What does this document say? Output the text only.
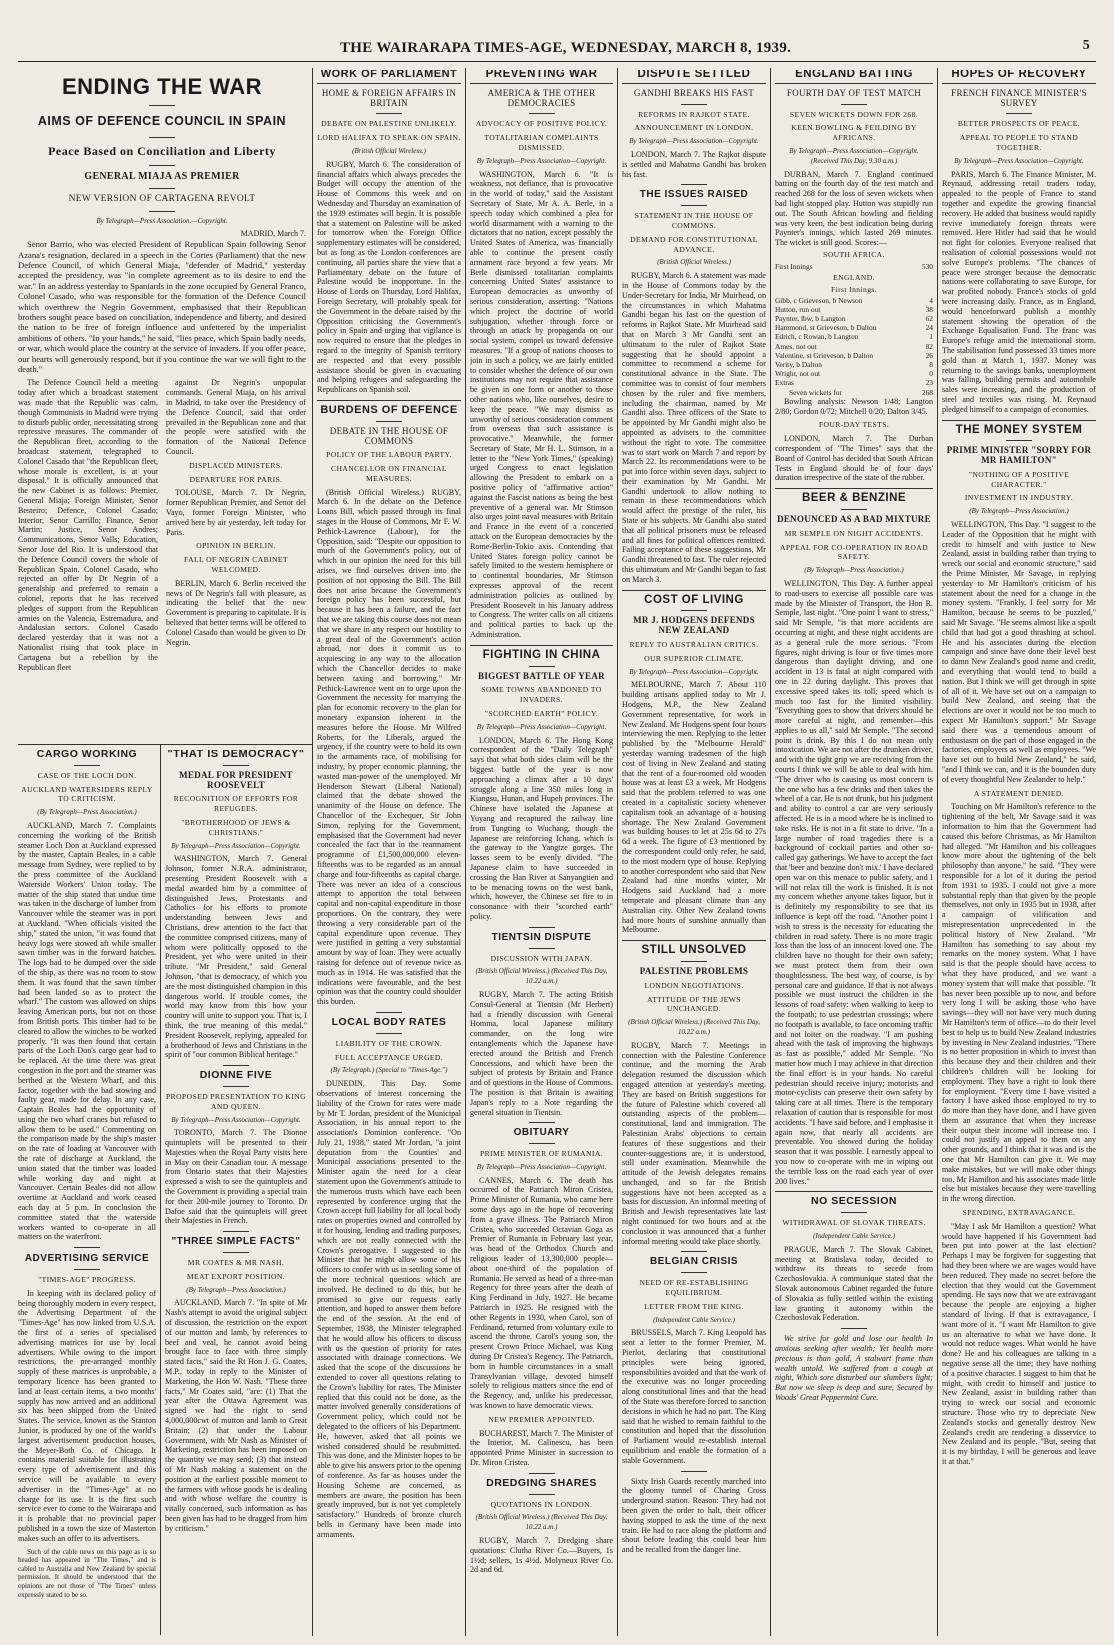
THE WAIRARAPA TIMES-AGE, WEDNESDAY, MARCH 8, 1939.	5
ENDING THE WAR
AIMS OF DEFENCE COUNCIL IN SPAIN
Peace Based on Conciliation and Liberty
GENERAL MIAJA AS PREMIER
NEW VERSION OF CARTAGENA REVOLT
By Telegraph—Press Association.—Copyright.
MADRID, March 7.

Senor Barrio, who was elected President of Republican Spain following Senor Azana's resignation, declared in a speech in the Cortes (Parliament) that the new Defence Council, of which General Miaja, "defender of Madrid," yesterday accepted the presidency, was "in complete agreement as to its desire to end the war." In an address yesterday to Spaniards in the zone occupied by General Franco, Colonel Casado, who was responsible for the formation of the Defence Council which overthrew the Negrin Government, emphasised that their Republican brothers sought peace based on conciliation, independence and liberty, and desired the nation to be free of foreign influence and unfettered by the imperialist ambitions of others. "In your hands," he said, "lies peace, which Spain badly needs, or war, which would place the country at the service of invaders. If you offer peace, our hearts will generously respond, but if you continue the war we will fight to the death."

The Defence Council held a meeting today after which a broadcast statement was made that the Republic was calm, though Communists in Madrid were trying to disturb public order, necessitating strong repressive measures. The commander of the Republican fleet, according to the broadcast statement, telegraphed to Colonel Casado that "the Republican fleet, whose morale is excellent, is at your disposal." It is officially announced that the new Cabinet is as follows: Premier, General Miaja; Foreign Minister, Senor Besteiro; Defence, Colonel Casado; Interior, Senor Carrillo; Finance, Senor Martin; Justice, Senor Andres; Communications, Senor Valls; Education, Senor Jose del Rio. It is understood that the Defence Council covers the whole of Republican Spain. Colonel Casado, who rejected an offer by Dr Negrin of a generalship and preferred to remain a colonel, reports that he has received pledges of support from the Republican armies on the Valencia, Estremadura, and Andalusian sectors. Colonel Casado declared yesterday that it was not a Nationalist rising that took place in Cartagena but a rebellion by the Republican fleet

against Dr Negrin's unpopular commands. General Miaja, on his arrival in Madrid, to take over the Presidency of the Defence Council, said that order prevailed in the Republican zone and that the people were satisfied with the formation of the National Defence Council.

DISPLACED MINISTERS.
DEPARTURE FOR PARIS.

TOLOUSE, March 7. Dr Negrin, former Republican Premier, and Senor del Vayo, former Foreign Minister, who arrived here by air yesterday, left today for Paris.

OPINION IN BERLIN.
FALL OF NEGRIN CABINET WELCOMED.

BERLIN, March 6. Berlin received the news of Dr Negrin's fall with pleasure, as indicating the belief that the new Government is preparing to capitulate. It is believed that better terms will be offered to Colonel Casado than would be given to Dr Negrin.

CARGO WORKING
CASE OF THE LOCH DON.
AUCKLAND WATERSIDERS REPLY TO CRITICISM.
(By Telegraph—Press Association.)

AUCKLAND, March 7. Complaints concerning the working of the British steamer Loch Don at Auckland expressed by the master, Captain Beales, in a cable message from Sydney, were replied to by the press committee of the Auckland Waterside Workers' Union today. The matter of the ship stated that undue time was taken in the discharge of lumber from Vancouver while the steamer was in port at Auckland. "When officials visited the ship," stated the union, "it was found that heavy logs were stowed aft while smaller sawn timber was in the forward hatches. The logs had to be dumped over the side of the ship, as there was no room to stow them. It was found that the sawn timber had been landed so as to protect the wharf." The custom was allowed on ships leaving American ports, but not on those from British ports. This timber had to be cleared to allow the winches to be worked properly. "It was then found that certain parts of the Loch Don's cargo gear had to be replaced. At the time there was great congestion in the port and the steamer was berthed at the Western Wharf, and this factor, together with the bad stowing and faulty gear, made for delay. In any case, Captain Beales had the opportunity of using the two wharf cranes but refused to allow them to be used." Commenting on the comparison made by the ship's master on the rate of loading at Vancouver with the rate of discharge at Auckland, the union stated that the timber was loaded while working day and night at Vancouver. Certain Beales did not allow overtime at Auckland and work ceased each day at 5 p.m. In conclusion the committee stated that the waterside workers wanted to co-operate in all matters on the waterfront.

ADVERTISING SERVICE
"TIMES-AGE" PROGRESS.

In keeping with its declared policy of being thoroughly modern in every respect, the Advertising Department of the "Times-Age" has now linked from U.S.A. the first of a series of specialised advertising matrices for use by local advertisers. While owing to the import restrictions, the pre-arranged monthly supply of these matrices is unprobable, a temporary licence has been granted to land at least certain items, a two months' supply has now arrived and an additional six has been shipped from the United States. The service, known as the Stanton Junior, is produced by one of the world's largest advertisement production houses, the Meyer-Both Co. of Chicago. It contains material suitable for illustrating every type of advertisement and this service will be available to every advertiser in the "Times-Age" at no charge for its use. It is the first such service ever to come to the Wairarapa and it is probable that no provincial paper published in a town the size of Masterton makes such an offer to its advertisers.

Such of the cable news on this page as is so headed has appeared in "The Times," and is cabled to Australia and New Zealand by special permission. It should be understood that the opinions are not those of "The Times" unless expressly stated to be so.

"THAT IS DEMOCRACY"
MEDAL FOR PRESIDENT ROOSEVELT
RECOGNITION OF EFFORTS FOR REFUGEES.
"BROTHERHOOD OF JEWS & CHRISTIANS."
By Telegraph—Press Association—Copyright.

WASHINGTON, March 7. General Johnson, former N.R.A. administrator, presenting President Roosevelt with a medal awarded him by a committee of distinguished Jews, Protestants and Catholics for his efforts to promote understanding between Jews and Christians, drew attention to the fact that the committee comprised citizens, many of whom were politically opposed to the President, yet who were united in their tribute. "Mr President," said General Johnson, "that is democracy, of which you are the most distinguished champion in this dangerous world. If trouble comes, the world may know from this how your country will unite to support you. That is, I think, the true meaning of this medal." President Roosevelt, replying, appealed for a brotherhood of Jews and Christians in the spirit of "our common Biblical heritage."

DIONNE FIVE
PROPOSED PRESENTATION TO KING AND QUEEN.
By Telegraph—Press Association—Copyright.

TORONTO, March 7. The Dionne quintuplets will be presented to their Majesties when the Royal Party visits here in May on their Canadian tour. A message from Ontario states that their Majesties expressed a wish to see the quintuplets and the Government is providing a special train for their 200-mile journey to Toronto. Dr Dafoe said that the quintuplets will greet their Majesties in French.

"THREE SIMPLE FACTS"
MR COATES & MR NASH.
MEAT EXPORT POSITION.
(By Telegraph—Press Association.)

AUCKLAND, March 7. "In spite of Mr Nash's attempt to avoid the original subject of discussion, the restriction on the export of our mutton and lamb, by references to beef and veal, he cannot avoid being brought face to face with three simply stated facts," said the Rt Hon J. G. Coates, M.P., today in reply to the Minister of Marketing, the Hon W. Nash. "These three facts," Mr Coates said, "are: (1) That the year after the Ottawa Agreement was signed we had the right to send 4,000,000cwt of mutton and lamb to Great Britain; (2) that under the Labour Government, with Mr Nash as Minister of Marketing, restriction has been imposed on the quantity we may send; (3) that instead of Mr Nash making a statement on the position at the earliest possible moment to the farmers with whose goods he is dealing and with whose welfare the country is vitally concerned, such information as has been given has had to be dragged from him by criticism."

WORK OF PARLIAMENT
HOME & FOREIGN AFFAIRS IN BRITAIN
DEBATE ON PALESTINE UNLIKELY.
LORD HALIFAX TO SPEAK ON SPAIN.
(British Official Wireless.)

RUGBY, March 6. The consideration of financial affairs which always precedes the Budget will occupy the attention of the House of Commons this week and on Wednesday and Thursday an examination of the 1939 estimates will begin. It is possible that a statement on Palestine will be asked for tomorrow when the Foreign Office supplementary estimates will be considered, but as long as the London conferences are continuing, all parties share the view that a Parliamentary debate on the future of Palestine would be inopportune. In the House of Lords on Thursday, Lord Halifax, Foreign Secretary, will probably speak for the Government in the debate raised by the Opposition criticising the Government's policy in Spain and urging that vigilance is now required to ensure that the pledges in regard to the integrity of Spanish territory are respected and that every possible assistance should be given in evacuating and helping refugees and safeguarding the Republicans on Spanish soil.

BURDENS OF DEFENCE
DEBATE IN THE HOUSE OF COMMONS
POLICY OF THE LABOUR PARTY.
CHANCELLOR ON FINANCIAL MEASURES.

(British Official Wireless.) RUGBY, March 6. In the debate on the Defence Loans Bill, which passed through its final stages in the House of Commons, Mr F. W. Pethick-Lawrence (Labour), for the Opposition, said: "Despite our opposition to much of the Government's policy, out of which in our opinion the need for this bill arises, we find ourselves driven into the position of not opposing the Bill. The Bill does not arise because the Government's foreign policy has been successful, but because it has been a failure, and the fact that we are taking this course does not mean that we share in any respect our hostility to a great deal of the Government's action abroad, nor does it commit us to acquiescing in any way to the allocation which the Chancellor decides to make between taxing and borrowing." Mr Pethick-Lawrence went on to urge upon the Government the necessity for marrying the plan for economic recovery to the plan for monetary expansion inherent in the measures before the House. Mr Wilfred Roberts, for the Liberals, argued the urgency, if the country were to hold its own in the armaments race, of mobilising for industry, by proper economic planning, the wasted man-power of the unemployed. Mr Henderson Stewart (Liberal National) claimed that the debate showed the unanimity of the House on defence. The Chancellor of the Exchequer, Sir John Simon, replying for the Government, emphasised that the Government had never concealed the fact that in the rearmament programme of £1,500,000,000 eleven-fifteenths was to be regarded as an annual charge and four-fifteenths as capital charge. There was never an idea of a conscious attempt to apportion the total between capital and non-capital expenditure in those proportions. On the contrary, they were throwing a very considerable part of the capital expenditure upon revenue. They were justified in getting a very substantial amount by way of loan. They were actually raising for defence out of revenue twice as much as in 1914. He was satisfied that the indications were favourable, and the best opinion was that the country could shoulder this burden.

LOCAL BODY RATES
LIABILITY OF THE CROWN.
FULL ACCEPTANCE URGED.
(By Telegraph.) (Special to "Times-Age.")

DUNEDIN, This Day. Some observations of interest concerning the liability of the Crown for rates were made by Mr T. Jordan, president of the Municipal Association, in his annual report to the association's Dominion conference. "On July 21, 1938," stated Mr Jordan, "a joint deputation from the Counties' and Municipal associations presented to the Minister again the need for a clear statement upon the Government's attitude to the numerous trusts which have each been represented by conference urging that the Crown accept full liability for all local body rates on properties owned and controlled by it for housing, lending and trading purposes, which are not really connected with the Crown's prerogative. I suggested to the Minister that he might allow some of his officers to confer with us in settling some of the more technical questions which are involved. He declined to do this, but he promised to give our requests early attention, and hoped to answer them before the end of the session. At the end of September, 1938, the Minister telegraphed that he would allow his officers to discuss with us the question of priority for rates associated with drainage connections. We asked that the scope of the discussions be extended to cover all questions relating to the Crown's liability for rates. The Minister replied that this could not be done, as the matter involved generally considerations of Government policy, which could not be delegated to the officers of his Department. He, however, asked that all points we wished considered should be resubmitted. This was done, and the Minister hopes to be able to give his answers prior to the opening of conference. As far as houses under the Housing Scheme are concerned, as members are aware, the position has been greatly improved, but is not yet completely satisfactory." Hundreds of bronze church bells in Germany have been made into armaments.

PREVENTING WAR
AMERICA & THE OTHER DEMOCRACIES
ADVOCACY OF POSITIVE POLICY.
TOTALITARIAN COMPLAINTS DISMISSED.
By Telegraph—Press Association—Copyright.

WASHINGTON, March 6. "It is weakness, not defiance, that is provocative in the world of today," said the Assistant Secretary of State, Mr A. A. Berle, in a speech today which combined a plea for world disarmament with a warning to the dictators that no nation, except possibly the United States of America, was financially able to continue the present costly armament race beyond a few years. Mr Berle dismissed totalitarian complaints concerning United States' assistance to European democracies as unworthy of serious consideration, asserting: "Nations which project the doctrine of world subjugation, whether through force or through an attack by propaganda on our social system, compel us toward defensive measures. "If a group of nations chooses to join in such a policy, we are fairly entitled to consider whether the defence of our own institutions may not require that assistance be given in one form or another to those other nations who, like ourselves, desire to keep the peace. "We may dismiss as unworthy of serious consideration comment from overseas that such assistance is provocative." Meanwhile, the former Secretary of State, Mr H. L. Stimson, in a letter to the "New York Times," (speaking) urged Congress to enact legislation allowing the President to embark on a positive policy of "affirmative action" against the Fascist nations as being the best preventive of a general war. Mr Stimson also urges joint naval measures with Britain and France in the event of a concerted attack on the European democracies by the Rome-Berlin-Tokio axis. Contending that United States foreign policy cannot be safely limited to the western hemisphere or to continental boundaries, Mr Stimson expresses approval of the recent administration policies as outlined by President Roosevelt in his January address to Congress. The writer calls on all citizens and political parties to back up the Administration.

FIGHTING IN CHINA
BIGGEST BATTLE OF YEAR
SOME TOWNS ABANDONED TO INVADERS.
"SCORCHED EARTH" POLICY.
By Telegraph—Press Association—Copyright.

LONDON, March 6. The Hong Kong correspondent of the "Daily Telegraph" says that what both sides claim will be the biggest battle of the year is now approaching a climax after a 10 days' struggle along a line 350 miles long in Kiangsu, Hunan, and Hupeh provinces. The Chinese have isolated the Japanese at Yuyang and recaptured the railway line from Tungting to Wuchang, though the Japanese are reinforcing Ichang, which is the gateway to the Yangtze gorges. The losses seem to be evenly divided. "The Japanese claim to have succeeded in crossing the Han River at Sanyangtien and to be menacing towns on the west bank, which, however, the Chinese set fire to in consonance with their "scorched earth" policy.

TIENTSIN DISPUTE
DISCUSSION WITH JAPAN.
(British Official Wireless.) (Received This Day, 10.22 a.m.)

RUGBY, March 7. The acting British Consul-General at Tientsin (Mr Herbert) had a friendly discussion with General Homma, local Japanese military commander, on the long wire entanglements which the Japanese have erected around the British and French Concessions, and which have been the subject of protests by Britain and France and of questions in the House of Commons. The position is that Britain is awaiting Japan's reply to a Note regarding the general situation in Tientsin.

OBITUARY
PRIME MINISTER OF RUMANIA.
By Telegraph—Press Association—Copyright.

CANNES, March 6. The death has occurred of the Patriarch Miron Cristea, Prime Minister of Rumania, who came here some days ago in the hope of recovering from a grave illness. The Patriarch Miron Cristea, who succeeded Octavian Goga as Premier of Rumania in February last year, was head of the Orthodox Church and religious leader of 13,300,000 people—about one-third of the population of Rumania. He served as head of a three-man Regency for three years after the death of King Ferdinand in July, 1927. He became Patriarch in 1925. He resigned with the other Regents in 1930, when Carol, son of Ferdinand, returned from voluntary exile to ascend the throne. Carol's young son, the present Crown Prince Michael, was King during Dr Cristea's Regency. The Patriarch, born in humble circumstances in a small Transylvanian village, devoted himself solely to religious matters since the end of the Regency, and, unlike his predecessor, was known to have democratic views.

NEW PREMIER APPOINTED.

BUCHAREST, March 7. The Minister of the Interior, M. Calinescu, has been appointed Prime Minister in succession to Dr. Miron Cristea.

DREDGING SHARES
QUOTATIONS IN LONDON.
(British Official Wireless.) (Received This Day, 10.22 a.m.)

RUGBY, March 7. Dredging share quotations: Clutha River Co.—Buyers, 1s 1½d; sellers, 1s 4½d. Molyneux River Co. 2d and 6d.

DISPUTE SETTLED
GANDHI BREAKS HIS FAST
REFORMS IN RAJKOT STATE.
ANNOUNCEMENT IN LONDON.
By Telegraph—Press Association—Copyright.

LONDON, March 7. The Rajkot dispute is settled and Mahatma Gandhi has broken his fast.

THE ISSUES RAISED
STATEMENT IN THE HOUSE OF COMMONS.
DEMAND FOR CONSTITUTIONAL ADVANCE.
(British Official Wireless.)

RUGBY, March 6. A statement was made in the House of Commons today by the Under-Secretary for India, Mr Muirhead, on the circumstances in which Mahatma Gandhi began his fast on the question of reforms in Rajkot State. Mr Muirhead said that on March 3 Mr Gandhi sent an ultimatum to the ruler of Rajkot State suggesting that he should appoint a committee to recommend a scheme for constitutional advance in the State. The committee was to consist of four members chosen by the ruler and five members, including the chairman, named by Mr Gandhi also. Three officers of the State to be appointed by Mr Gandhi might also be appointed as advisers to the committee without the right to vote. The committee was to start work on March 7 and report by March 22. Its recommendations were to be put into force within seven days, subject to their examination by Mr Gandhi. Mr Gandhi undertook to allow nothing to remain in these recommendations which would affect the prestige of the ruler, his State or his subjects. Mr Gandhi also stated that all political prisoners must be released and all fines for political offences remitted. Failing acceptance of these suggestions, Mr Gandhi threatened to fast. The ruler rejected this ultimatum and Mr Gandhi began to fast on March 3.

COST OF LIVING
MR J. HODGENS DEFENDS NEW ZEALAND
REPLY TO AUSTRALIAN CRITICS.
OUR SUPERIOR CLIMATE.
By Telegraph—Press Association—Copyright.

MELBOURNE, March 7. About 110 building artisans applied today to Mr J. Hodgens, M.P., the New Zealand Government representative, for work in New Zealand. Mr Hodgens spent four hours interviewing the men. Replying to the letter published by the "Melbourne Herald" yesterday warning tradesmen of the high cost of living in New Zealand and stating that the rent of a four-roomed old wooden house was at least £3 a week, Mr Hodgens said that the problem referred to was one created in a capitalistic society whenever capitalism took an advantage of a housing shortage. The New Zealand Government was building houses to let at 25s 6d to 27s 6d a week. The figure of £3 mentioned by the correspondent could only refer, he said, to the most modern type of house. Replying to another correspondent who said that New Zealand had nine months winter, Mr Hodgens said Auckland had a more temperate and pleasant climate than any Australian city. Other New Zealand towns had more hours of sunshine annually than Melbourne.

STILL UNSOLVED
PALESTINE PROBLEMS
LONDON NEGOTIATIONS.
ATTITUDE OF THE JEWS UNCHANGED.
(British Official Wireless.) (Received This Day, 10.22 a.m.)

RUGBY, March 7. Meetings in connection with the Palestine Conference continue, and the morning the Arab delegation resumed the discussion which engaged attention at yesterday's meeting. They are based on British suggestions for the future of Palestine which covered all outstanding aspects of the problem—constitutional, land and immigration. The Palestinian Arabs' objections to certain features of these suggestions and their counter-suggestions are, it is understood, still under examination. Meanwhile the attitude of the Jewish delegates remains unchanged, and so far the British suggestions have not been accepted as a basis for discussion. An informal meeting of British and Jewish representatives late last night continued for two hours and at the conclusion it was announced that a further informal meeting would take place shortly.

BELGIAN CRISIS
NEED OF RE-ESTABLISHING EQUILIBRIUM.
LETTER FROM THE KING.
(Independent Cable Service.)

BRUSSELS, March 7. King Leopold has sent a letter to the former Premier, M. Pierlot, declaring that constitutional principles were being ignored, responsibilities avoided and that the work of the executive was no longer proceeding along constitutional lines and that the head of the State was therefore forced to sanction decisions in which he had no part. The King said that he wished to remain faithful to the constitution and hoped that the dissolution of Parliament would re-establish internal equilibrium and enable the formation of a stable Government.

Sixty Irish Guards recently marched into the gloomy tunnel of Charing Cross underground station. Reason: They had not been given the order to halt, their officer having stopped to ask the time of the next train. He had to race along the platform and shout before leading this could bear him and be recalled from the danger line.

ENGLAND BATTING
FOURTH DAY OF TEST MATCH
SEVEN WICKETS DOWN FOR 268.
KEEN BOWLING & FEILDING BY AFRICANS.
By Telegraph—Press Association—Copyright. (Received This Day, 9.30 a.m.)

DURBAN, March 7. England continued batting on the fourth day of the test match and reached 268 for the loss of seven wickets when bad light stopped play. Hutton was stupidly run out. The South African bowling and fielding was very keen, the best indication being during Paynter's innings, which lasted 269 minutes. The wicket is still good. Scores:—

SOUTH AFRICA.
First Innings	530
ENGLAND.
First Innings.
Gibb, c Grieveson, b Newson	4
Hutton, run out	38
Paynter, lbw, b Langton	62
Hammond, st Grieveson, b Dalton	24
Edrich, c Rowan, b Langton	1
Ames, not out	82
Valentine, st Grieveson, b Dalton	26
Verity, b Dalton	8
Wright, not out	0
Extras	23
Seven wickets for	268

Bowling analysis: Newson 1/48; Langton 2/80; Gordon 0/72; Mitchell 0/20; Dalton 3/45.

FOUR-DAY TESTS.

LONDON, March 7. The Durban correspondent of "The Times" says that the Board of Control has decided that South African Tests in England should be of four days' duration irrespective of the state of the rubber.

BEER & BENZINE
DENOUNCED AS A BAD MIXTURE
MR SEMPLE ON NIGHT ACCIDENTS.
APPEAL FOR CO-OPERATION IN ROAD SAFETY.
(By Telegraph—Press Association.)

WELLINGTON, This Day. A further appeal to road-users to exercise all possible care was made by the Minister of Transport, the Hon R. Semple, last night. "One point I want to stress," said Mr Semple, "is that more accidents are occurring at night, and these night accidents are as a general rule the more serious. "From figures, night driving is four or five times more dangerous than daylight driving, and one accident in 13 is fatal at night compared with one in 22 during daylight. This proves that excessive speed takes its toll; speed which is much too fast for the limited visibility. "Everything goes to show that drivers should be more careful at night, and remember—this applies to us all," said Mr Semple. "The second point is drink. By this I do not mean only intoxication. We are not after the drunken driver, and with the tight grip we are receiving from the courts I think we will be able to deal with him. "The driver who is causing us most concern is the one who has a few drinks and then takes the wheel of a car. He is not drunk, but his judgment and ability to control a car are very seriously affected. He is in a mood where he is inclined to take risks. He is not in a fit state to drive. "In a large number of road tragedies there is a background of cocktail parties and other so-called gay gatherings. We have to accept the fact that 'beer and benzine don't mix.' I have declared open war on this menace to public safety, and I will not relax till the work is finished. It is not my concern whether anyone takes liquor, but it is definitely my responsibility to see that its influence is kept off the road. "Another point I wish to stress is the necessity for educating the children in road safety. There is no more tragic loss than the loss of an innocent loved one. The children have no thought for their own safety; we must protect them from their own thoughtlessness. The best way, of course, is by personal care and guidance. If that is not always possible we must instruct the children in the lessons of road safety: when walking to keep to the footpath; to use pedestrian crossings; where no footpath is available, to face oncoming traffic and not loiter on the roadway. "I am pushing ahead with the task of improving the highways as fast as possible," added Mr Semple. "No matter how much I may achieve in that direction the final effort is in your hands. No careful pedestrian should receive injury; motorists and motor-cyclists can preserve their own safety by taking care at all times. There is the temporary relaxation of caution that is responsible for most accidents. "I have said before, and I emphasise it again now, that nearly all accidents are preventable. You showed during the holiday season that it was possible. I earnestly appeal to you now to co-operate with me in wiping out the terrible loss on the road each year of over 200 lives."

NO SECESSION
WITHDRAWAL OF SLOVAK THREATS.
(Independent Cable Service.)

PRAGUE, March 7. The Slovak Cabinet, meeting at Bratislava today, decided to withdraw its threats to secede from Czechoslovakia. A communique stated that the Slovak autonomous Cabinet regarded the future of Slovakia as fully settled within the existing law granting it autonomy within the Czechoslovak Federation.

We strive for gold and lose our health In anxious seeking after wealth; Yet health more precious is than gold, A stalwart frame than wealth untold. We suffered from a cough at night, Which sore disturbed our slumbers light; But now we sleep is deep and sure, Secured by Woods' Great Peppermint Cure.

HOPES OF RECOVERY
FRENCH FINANCE MINISTER'S SURVEY
BETTER PROSPECTS OF PEACE.
APPEAL TO PEOPLE TO STAND TOGETHER.
By Telegraph—Press Association—Copyright.

PARIS, March 6. The Finance Minister, M. Reynaud, addressing retail traders today, appealed to the people of France to stand together and expedite the growing financial recovery. He added that business would rapidly revive immediately foreign threats were removed. Here Hitler had said that he would not fight for colonies. Everyone realised that realisation of colonial possessions would not solve Europe's problems. "The chances of peace were stronger because the democratic nations were collaborating to save Europe, for war profited nobody. France's stocks of gold were increasing daily. France, as in England, would henceforward publish a monthly statement showing the operation of the Exchange Equalisation Fund. The franc was Europe's refuge amid the international storm. The stabilisation fund possessed 33 times more gold than at March 1, 1937. Money was returning to the savings banks, unemployment was falling, building permits and automobile sales were increasing, and the production of steel and textiles was rising. M. Reynaud pledged himself to a campaign of economies.

THE MONEY SYSTEM
PRIME MINISTER "SORRY FOR MR HAMILTON"
"NOTHING OF A POSITIVE CHARACTER."
INVESTMENT IN INDUSTRY.
(By Telegraph—Press Association.)

WELLINGTON, This Day. "I suggest to the Leader of the Opposition that he might with credit to himself and with justice to New Zealand, assist in building rather than trying to wreck our social and economic structure," said the Prime Minister, Mr Savage, in replying yesterday to Mr Hamilton's criticism of his statement about the need for a change in the money system. "Frankly, I feel sorry for Mr Hamilton, because he seems to be puzzled," said Mr Savage. "He seems almost like a spoilt child that had got a good thrashing at school. He and his associates during the election campaign and since have done their level best to damn New Zealand's good name and credit, and everything that would tend to build a nation. But I think we will get through in spite of all of it. We have set out on a campaign to build New Zealand, and seeing that the elections are over it would not be too much to expect Mr Hamilton's support." Mr Savage said there was a tremendous amount of enthusiasm on the part of those engaged in the factories, employers as well as employees. "We have set out to build New Zealand," he said, "and I think we can, and it is the bounden duty of every thoughtful New Zealander to help."

A STATEMENT DENIED.

Touching on Mr Hamilton's reference to the tightening of the belt, Mr Savage said it was information to him that the Government had caused this before Christmas, as Mr Hamilton had alleged. "Mr Hamilton and his colleagues know more about the tightening of the belt philosophy than anyone," he said. "They were responsible for a lot of it during the period from 1931 to 1935. I could not give a more substantial reply than that given by the people themselves, not only in 1935 but in 1938, after a campaign of vilification and misrepresentation unprecedented in the political history of New Zealand. "Mr Hamilton has something to say about my remarks on the money system. What I have said is that the people should have access to what they have produced, and we want a money system that will make that possible. "It has never been possible up to now, and before very long I will be asking those who have savings—they will not have very much during Mr Hamilton's term of office—to do their level best to help us to build New Zealand industries by investing in New Zealand industries. "There is no better proposition in which to invest than this because they and their children and their children's children will be looking for employment. They have a right to look there for employment. "Every time I have visited a factory I have asked those employed to try to do more than they have done, and I have given them an assurance that when they increase their output their income will increase too. I could not justify an appeal to them on any other grounds, and I think that it was and is the one that Mr Hamilton can give it. We may make mistakes, but we will make other things too. Mr Hamilton and his associates made little else but mistakes because they were travelling in the wrong direction.

SPENDING, EXTRAVAGANCE.

"May I ask Mr Hamilton a question? What would have happened if his Government had been put into power at the last election? Perhaps I may be forgiven for suggesting that had they been where we are wages would have been reduced. They made no secret before the election that they would cut the Government spending. He says now that we are extravagant because the people are enjoying a higher standard of living. If that is extravagance, I want more of it. "I want Mr Hamilton to give us an alternative to what we have done. It would not reduce wages. What would he have done? He and his colleagues are talking in a negative sense all the time; they have nothing of a positive character. I suggest to him that he might, with credit to himself and justice to New Zealand, assist in building rather than trying to wreck our social and economic structure. Those who try to depreciate New Zealand's stocks and generally destroy New Zealand's credit are rendering a disservice to New Zealand and its people. "But, seeing that it is my birthday, I will be generous and leave it at that."
